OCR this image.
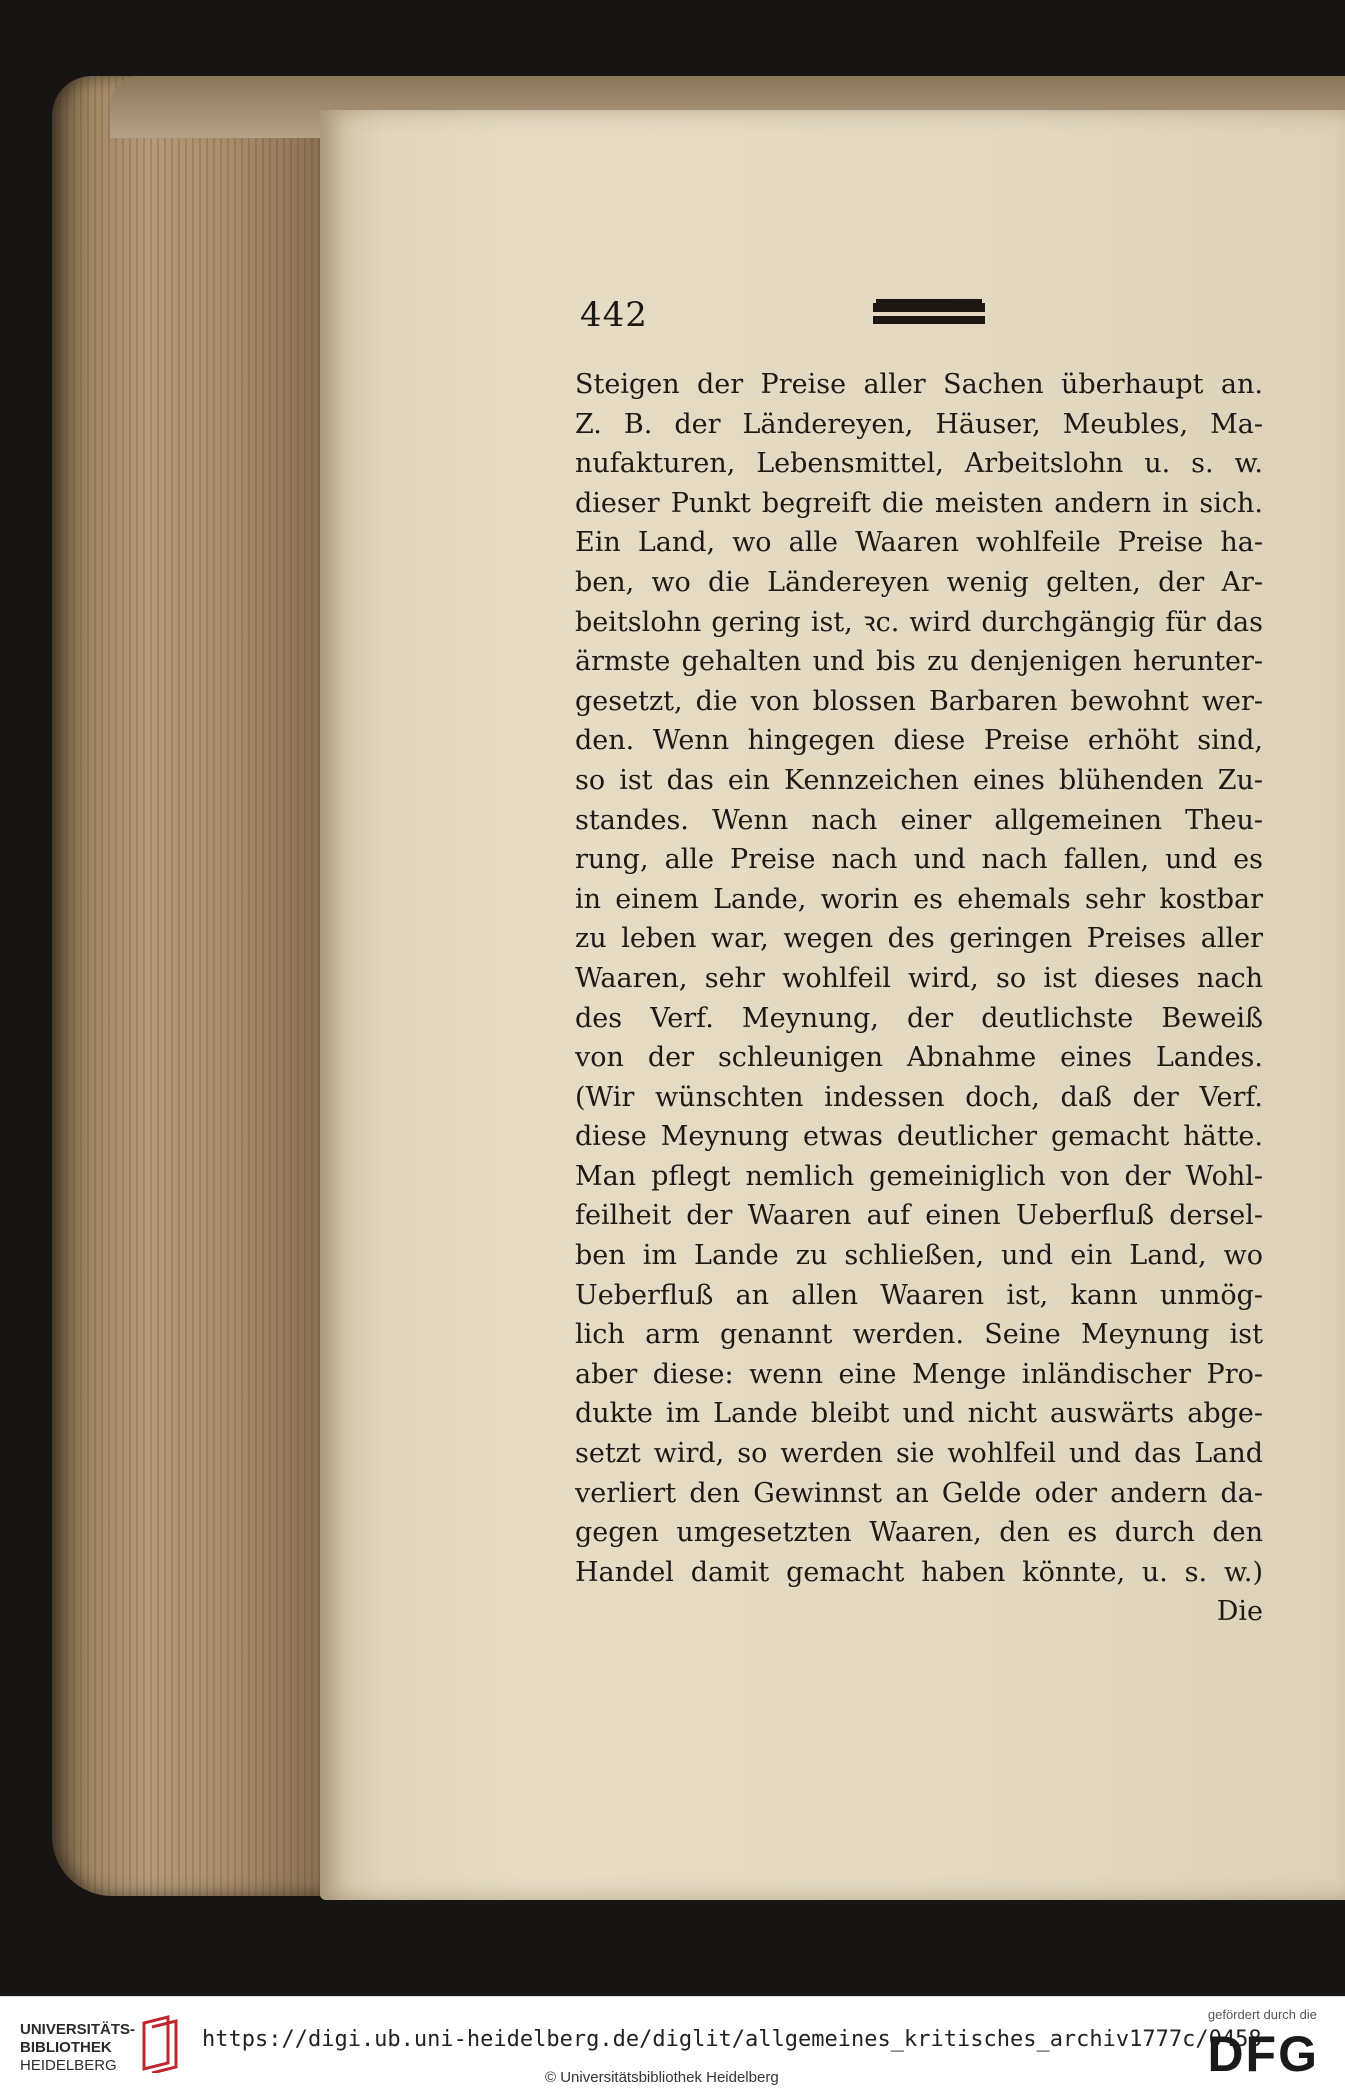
442
Steigen der Preise aller Sachen überhaupt an.
Z. B. der Ländereyen, Häuser, Meubles, Ma-
nufakturen, Lebensmittel, Arbeitslohn u. s. w.
dieser Punkt begreift die meisten andern in sich.
Ein Land, wo alle Waaren wohlfeile Preise ha-
ben, wo die Ländereyen wenig gelten, der Ar-
beitslohn gering ist, ꝛc. wird durchgängig für das
ärmste gehalten und bis zu denjenigen herunter-
gesetzt, die von blossen Barbaren bewohnt wer-
den. Wenn hingegen diese Preise erhöht sind,
so ist das ein Kennzeichen eines blühenden Zu-
standes. Wenn nach einer allgemeinen Theu-
rung, alle Preise nach und nach fallen, und es
in einem Lande, worin es ehemals sehr kostbar
zu leben war, wegen des geringen Preises aller
Waaren, sehr wohlfeil wird, so ist dieses nach
des Verf. Meynung, der deutlichste Beweiß
von der schleunigen Abnahme eines Landes.
(Wir wünschten indessen doch, daß der Verf.
diese Meynung etwas deutlicher gemacht hätte.
Man pflegt nemlich gemeiniglich von der Wohl-
feilheit der Waaren auf einen Ueberfluß dersel-
ben im Lande zu schließen, und ein Land, wo
Ueberfluß an allen Waaren ist, kann unmög-
lich arm genannt werden. Seine Meynung ist
aber diese: wenn eine Menge inländischer Pro-
dukte im Lande bleibt und nicht auswärts abge-
setzt wird, so werden sie wohlfeil und das Land
verliert den Gewinnst an Gelde oder andern da-
gegen umgesetzten Waaren, den es durch den
Handel damit gemacht haben könnte, u. s. w.)
Die
UNIVERSITÄTS-
BIBLIOTHEK
HEIDELBERG
https://digi.ub.uni-heidelberg.de/diglit/allgemeines_kritisches_archiv1777c/0458
© Universitätsbibliothek Heidelberg
gefördert durch die
DFG
